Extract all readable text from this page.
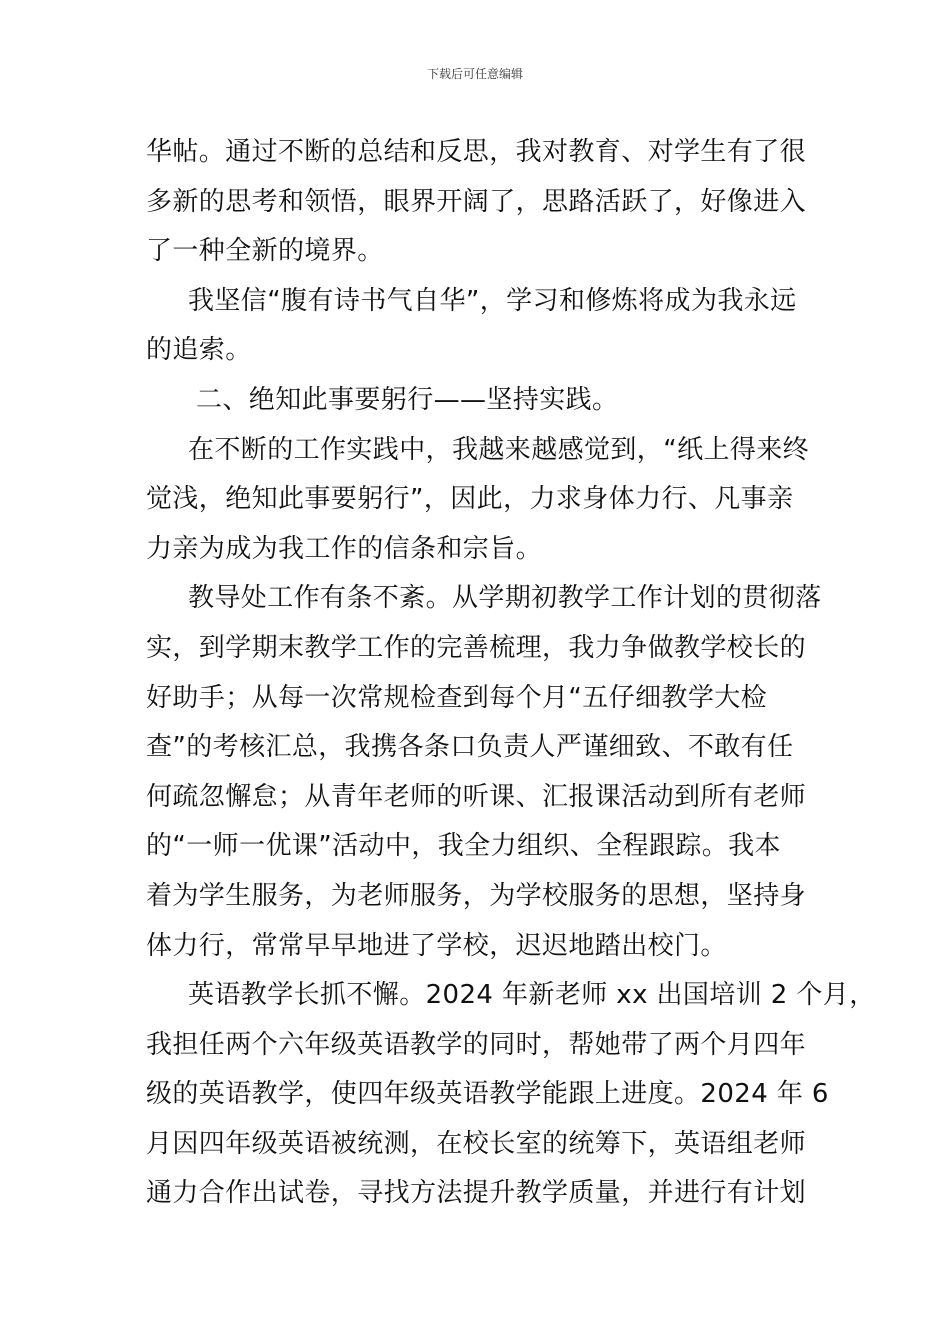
下载后可任意编辑
华帖。通过不断的总结和反思，我对教育、对学生有了很
多新的思考和领悟，眼界开阔了，思路活跃了，好像进入
了一种全新的境界。
我坚信“腹有诗书气自华”，学习和修炼将成为我永远
的追索。
二、绝知此事要躬行——坚持实践。
在不断的工作实践中，我越来越感觉到，“纸上得来终
觉浅，绝知此事要躬行”，因此，力求身体力行、凡事亲
力亲为成为我工作的信条和宗旨。
教导处工作有条不紊。从学期初教学工作计划的贯彻落
实，到学期末教学工作的完善梳理，我力争做教学校长的
好助手；从每一次常规检查到每个月“五仔细教学大检
查”的考核汇总，我携各条口负责人严谨细致、不敢有任
何疏忽懈怠；从青年老师的听课、汇报课活动到所有老师
的“一师一优课”活动中，我全力组织、全程跟踪。我本
着为学生服务，为老师服务，为学校服务的思想，坚持身
体力行，常常早早地进了学校，迟迟地踏出校门。
英语教学长抓不懈。2024 年新老师 xx 出国培训 2 个月，
我担任两个六年级英语教学的同时，帮她带了两个月四年
级的英语教学，使四年级英语教学能跟上进度。2024 年 6
月因四年级英语被统测，在校长室的统筹下，英语组老师
通力合作出试卷，寻找方法提升教学质量，并进行有计划
